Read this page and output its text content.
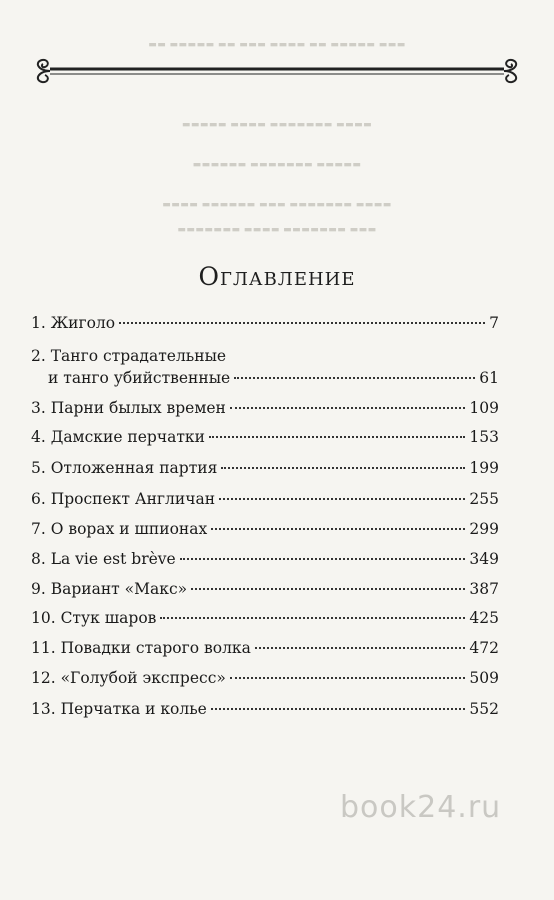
▬▬ ▬▬▬▬▬ ▬▬ ▬▬▬ ▬▬▬▬ ▬▬ ▬▬▬▬▬ ▬▬▬
▬▬▬▬▬ ▬▬▬▬ ▬▬▬▬▬▬▬ ▬▬▬▬
▬▬▬▬▬▬ ▬▬▬▬▬▬▬ ▬▬▬▬▬
▬▬▬▬ ▬▬▬▬▬▬ ▬▬▬ ▬▬▬▬▬▬▬ ▬▬▬▬
▬▬▬▬▬▬▬ ▬▬▬▬ ▬▬▬▬▬▬▬ ▬▬▬
Оглавление
1. Жиголо	7
2. Танго страдательные
и танго убийственные	61
3. Парни былых времен	109
4. Дамские перчатки	153
5. Отложенная партия	199
6. Проспект Англичан	255
7. О ворах и шпионах	299
8. La vie est brève	349
9. Вариант «Макс»	387
10. Стук шаров	425
11. Повадки старого волка	472
12. «Голубой экспресс»	509
13. Перчатка и колье	552
book24.ru
